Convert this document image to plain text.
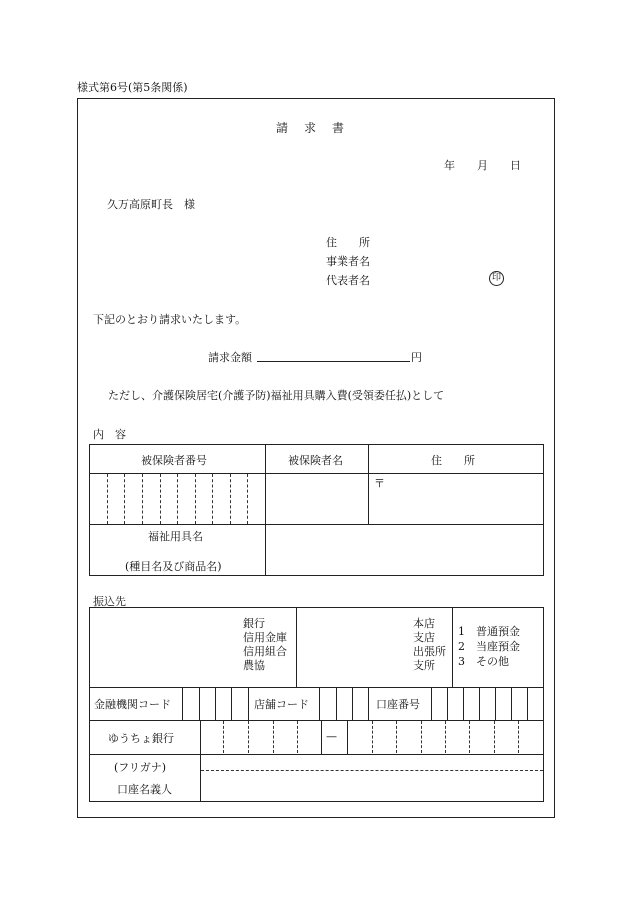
様式第6号(第5条関係)
請　求　書
年　　月　　日
久万高原町長　様
住　　所
事業者名
代表者名	印
下記のとおり請求いたします。
請求金額	円
ただし、介護保険居宅(介護予防)福祉用具購入費(受領委任払)として
内　容
被保険者番号	被保険者名	住　　所
〒
福祉用具名
(種目名及び商品名)
振込先
銀行
信用金庫
信用組合
農協
本店
支店
出張所
支所
1　普通預金
2　当座預金
3　その他
金融機関コード	店舗コード	口座番号
ゆうちょ銀行	—
(フリガナ)
口座名義人
